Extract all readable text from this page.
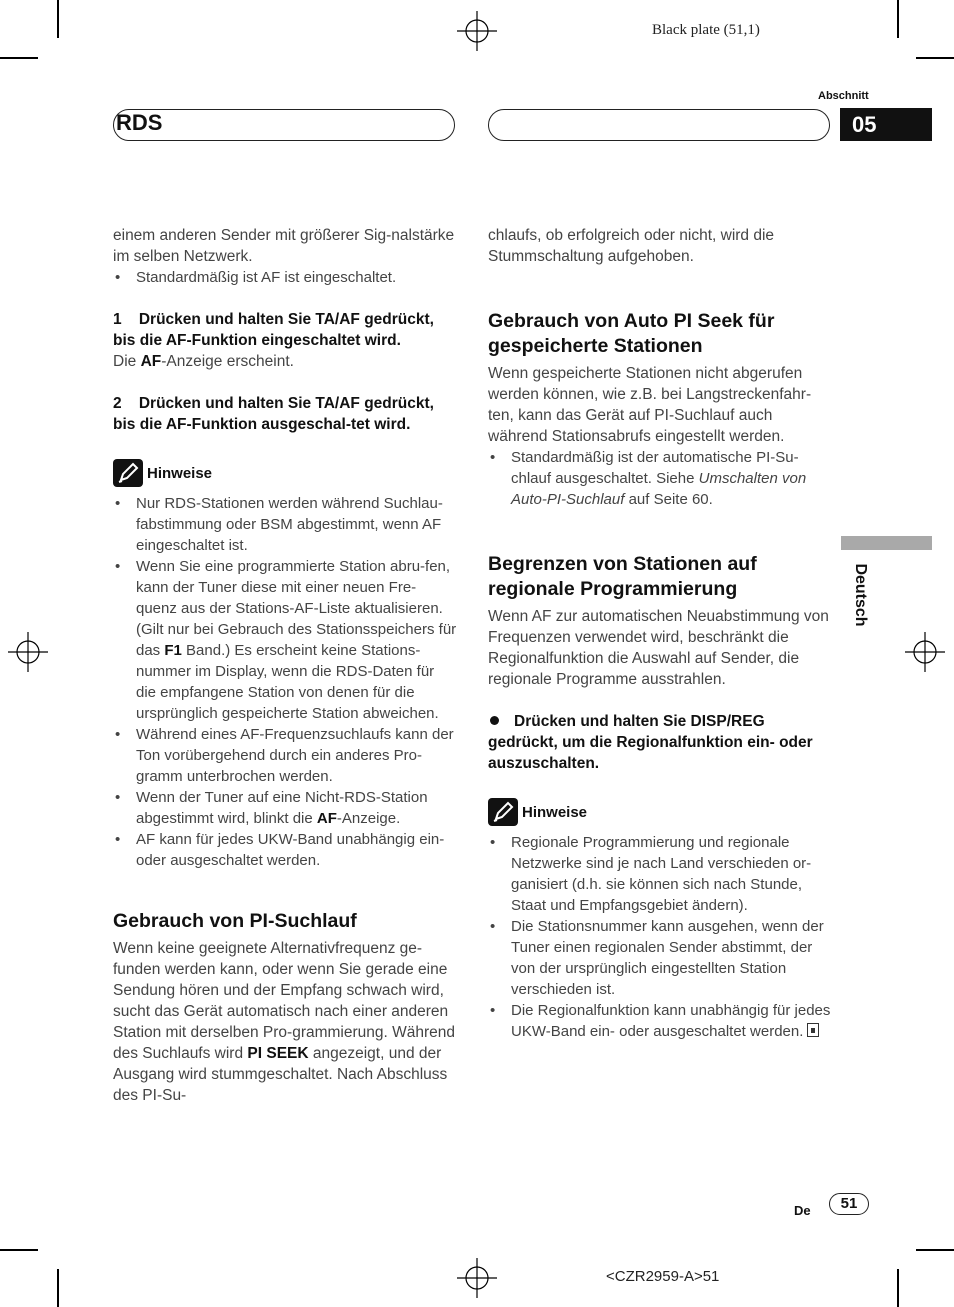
Black plate (51,1)
RDS
Abschnitt
05
Deutsch

einem anderen Sender mit größerer Sig-nalstärke im selben Netzwerk.

• Standardmäßig ist AF ist eingeschaltet.

1 Drücken und halten Sie TA/AF gedrückt, bis die AF-Funktion eingeschaltet wird.

Die AF-Anzeige erscheint.

2 Drücken und halten Sie TA/AF gedrückt, bis die AF-Funktion ausgeschal-tet wird.

Hinweise
• Nur RDS-Stationen werden während Suchlau-fabstimmung oder BSM abgestimmt, wenn AF eingeschaltet ist.
• Wenn Sie eine programmierte Station abru-fen, kann der Tuner diese mit einer neuen Fre-quenz aus der Stations-AF-Liste aktualisieren. (Gilt nur bei Gebrauch des Stationsspeichers für das F1 Band.) Es erscheint keine Stations-nummer im Display, wenn die RDS-Daten für die empfangene Station von denen für die ursprünglich gespeicherte Station abweichen.
• Während eines AF-Frequenzsuchlaufs kann der Ton vorübergehend durch ein anderes Pro-gramm unterbrochen werden.
• Wenn der Tuner auf eine Nicht-RDS-Station abgestimmt wird, blinkt die AF-Anzeige.
• AF kann für jedes UKW-Band unabhängig ein- oder ausgeschaltet werden.

Gebrauch von PI-Suchlauf

Wenn keine geeignete Alternativfrequenz ge-funden werden kann, oder wenn Sie gerade eine Sendung hören und der Empfang schwach wird, sucht das Gerät automatisch nach einer anderen Station mit derselben Pro-grammierung. Während des Suchlaufs wird PI SEEK angezeigt, und der Ausgang wird stummgeschaltet. Nach Abschluss des PI-Su-

chlaufs, ob erfolgreich oder nicht, wird die Stummschaltung aufgehoben.

Gebrauch von Auto PI Seek für gespeicherte Stationen

Wenn gespeicherte Stationen nicht abgerufen werden können, wie z.B. bei Langstreckenfahr-ten, kann das Gerät auf PI-Suchlauf auch während Stationsabrufs eingestellt werden.

• Standardmäßig ist der automatische PI-Su-chlauf ausgeschaltet. Siehe Umschalten von Auto-PI-Suchlauf auf Seite 60.

Begrenzen von Stationen auf regionale Programmierung

Wenn AF zur automatischen Neuabstimmung von Frequenzen verwendet wird, beschränkt die Regionalfunktion die Auswahl auf Sender, die regionale Programme ausstrahlen.

Drücken und halten Sie DISP/REG gedrückt, um die Regionalfunktion ein- oder auszuschalten.

Hinweise
• Regionale Programmierung und regionale Netzwerke sind je nach Land verschieden or-ganisiert (d.h. sie können sich nach Stunde, Staat und Empfangsgebiet ändern).
• Die Stationsnummer kann ausgehen, wenn der Tuner einen regionalen Sender abstimmt, der von der ursprünglich eingestellten Station verschieden ist.
• Die Regionalfunktion kann unabhängig für jedes UKW-Band ein- oder ausgeschaltet werden.
De	51
<CZR2959-A>51
